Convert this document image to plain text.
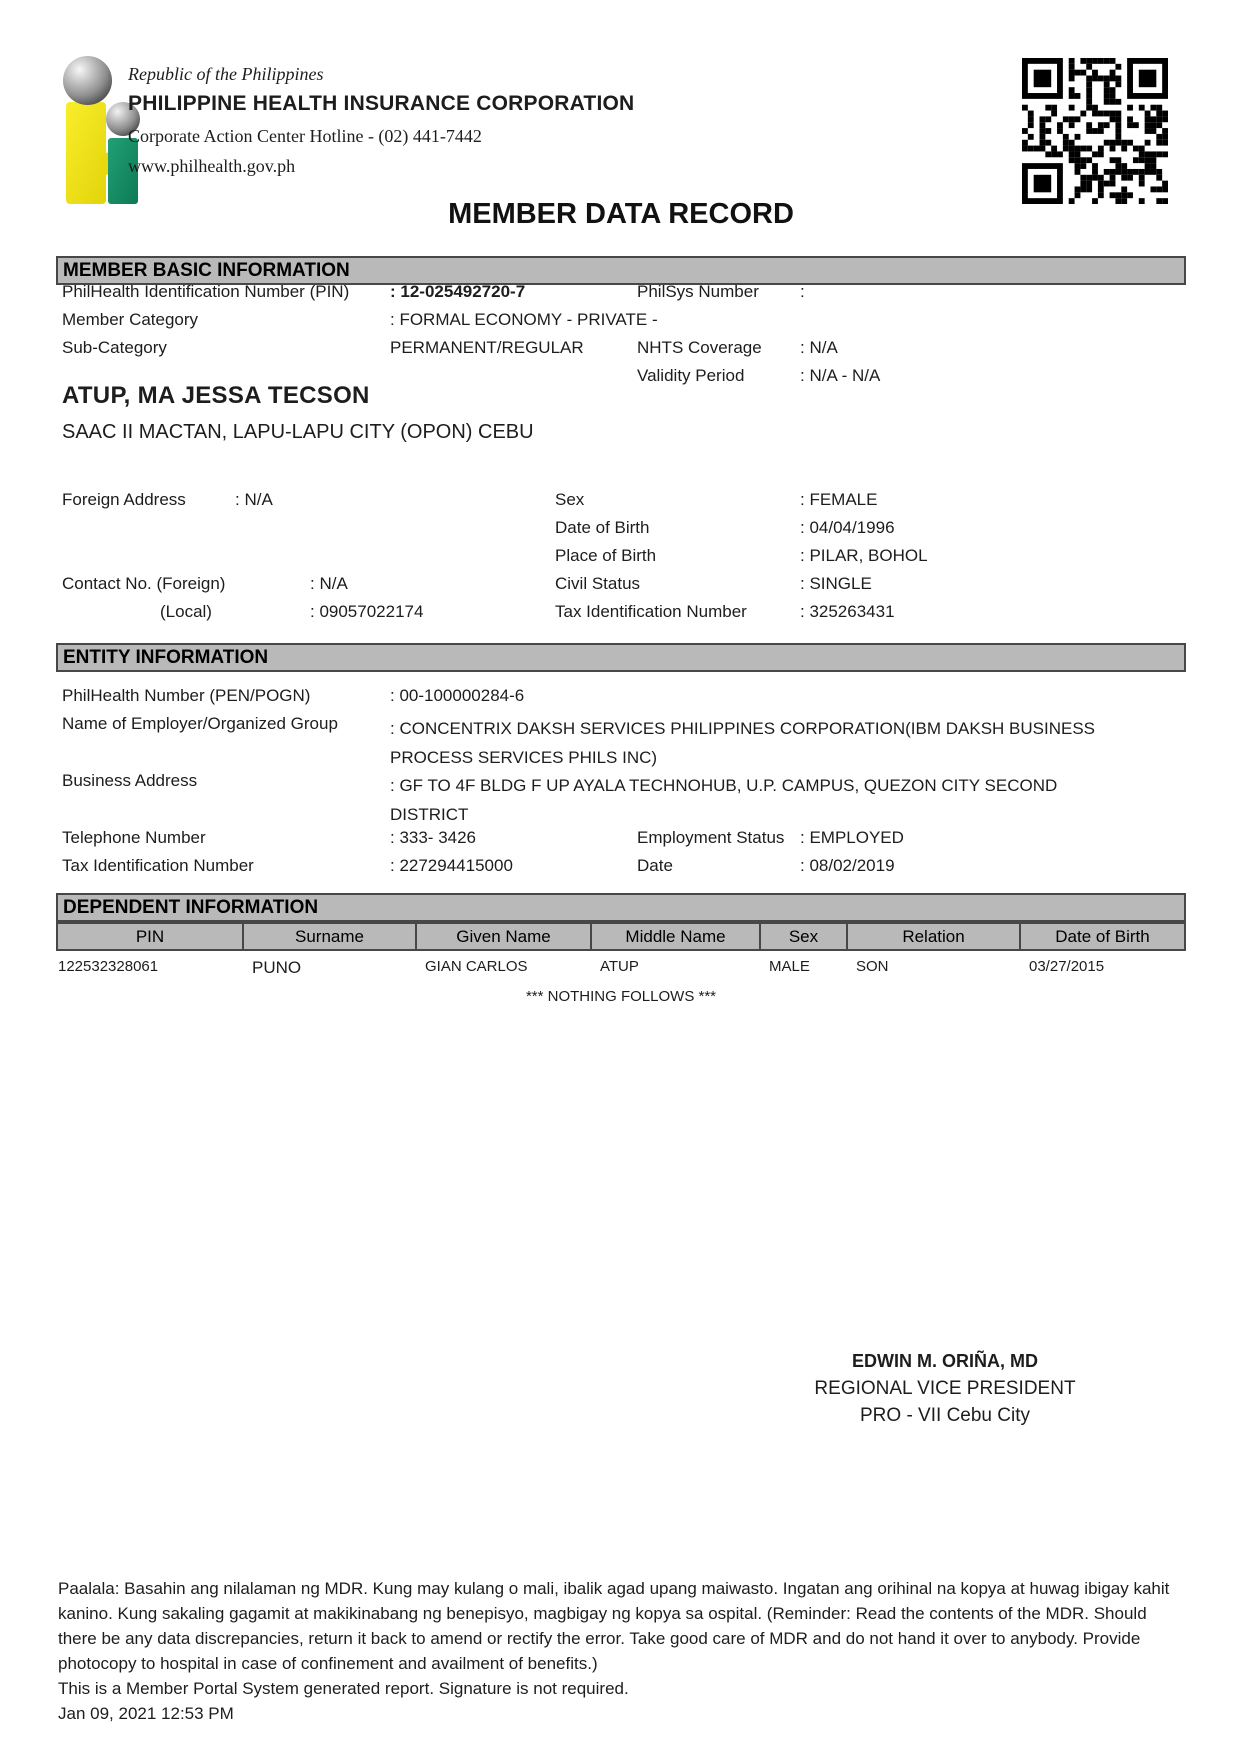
Republic of the Philippines
PHILIPPINE HEALTH INSURANCE CORPORATION
Corporate Action Center Hotline - (02) 441-7442
www.philhealth.gov.ph
MEMBER DATA RECORD
MEMBER BASIC INFORMATION
PhilHealth Identification Number (PIN) : 12-025492720-7	PhilSys Number :
Member Category	: FORMAL ECONOMY - PRIVATE -
Sub-Category	PERMANENT/REGULAR	NHTS Coverage : N/A
Validity Period	: N/A - N/A
ATUP, MA JESSA TECSON
SAAC II MACTAN, LAPU-LAPU CITY (OPON) CEBU
Foreign Address	: N/A	Sex	: FEMALE
Date of Birth	: 04/04/1996
Place of Birth	: PILAR, BOHOL
Contact No. (Foreign)	: N/A	Civil Status	: SINGLE
(Local)	: 09057022174	Tax Identification Number	: 325263431
ENTITY INFORMATION
PhilHealth Number (PEN/POGN)	: 00-100000284-6
Name of Employer/Organized Group	: CONCENTRIX DAKSH SERVICES PHILIPPINES CORPORATION(IBM DAKSH BUSINESS PROCESS SERVICES PHILS INC)
Business Address	: GF TO 4F BLDG F UP AYALA TECHNOHUB, U.P. CAMPUS, QUEZON CITY SECOND DISTRICT
Telephone Number	: 333- 3426	Employment Status : EMPLOYED
Tax Identification Number	: 227294415000	Date	: 08/02/2019
DEPENDENT INFORMATION
PIN	Surname	Given Name	Middle Name	Sex	Relation	Date of Birth
122532328061	PUNO	GIAN CARLOS	ATUP	MALE	SON	03/27/2015
*** NOTHING FOLLOWS ***
EDWIN M. ORIÑA, MD
REGIONAL VICE PRESIDENT
PRO - VII Cebu City
Paalala: Basahin ang nilalaman ng MDR. Kung may kulang o mali, ibalik agad upang maiwasto. Ingatan ang orihinal na kopya at huwag ibigay kahit kanino. Kung sakaling gagamit at makikinabang ng benepisyo, magbigay ng kopya sa ospital. (Reminder: Read the contents of the MDR. Should there be any data discrepancies, return it back to amend or rectify the error. Take good care of MDR and do not hand it over to anybody. Provide photocopy to hospital in case of confinement and availment of benefits.)
This is a Member Portal System generated report. Signature is not required.
Jan 09, 2021 12:53 PM
